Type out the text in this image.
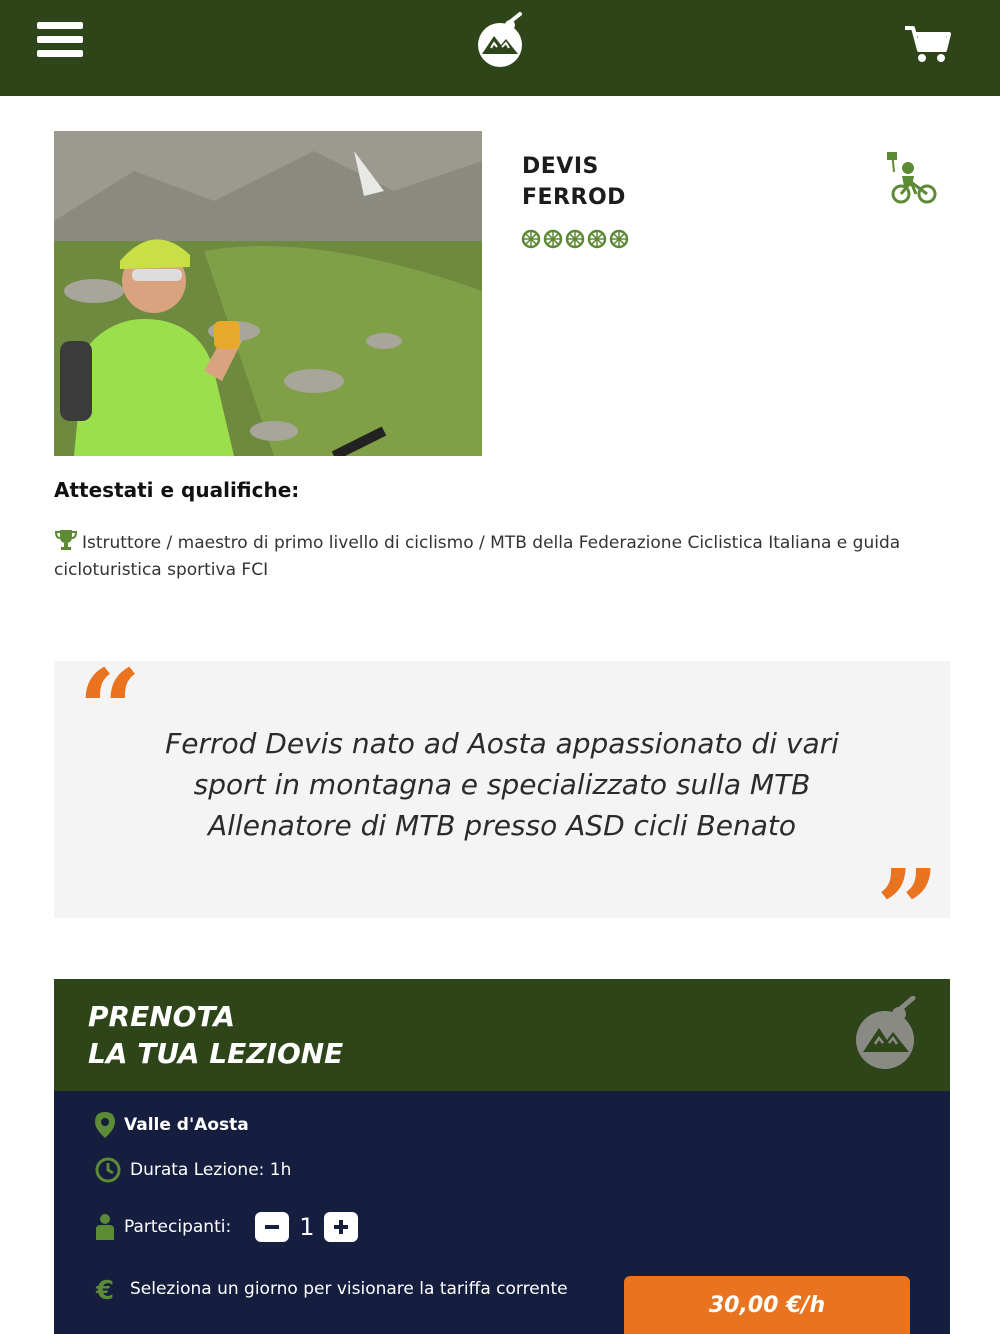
DEVIS
FERROD
Attestati e qualifiche:
Istruttore / maestro di primo livello di ciclismo / MTB della Federazione Ciclistica Italiana e guida cicloturistica sportiva FCI
“ Ferrod Devis nato ad Aosta appassionato di vari
sport in montagna e specializzato sulla MTB
Allenatore di MTB presso ASD cicli Benato
”
PRENOTA
LA TUA LEZIONE
Valle d'Aosta
Durata Lezione: 1h
Partecipanti:	1
€ Seleziona un giorno per visionare la tariffa corrente
30,00 €/h
